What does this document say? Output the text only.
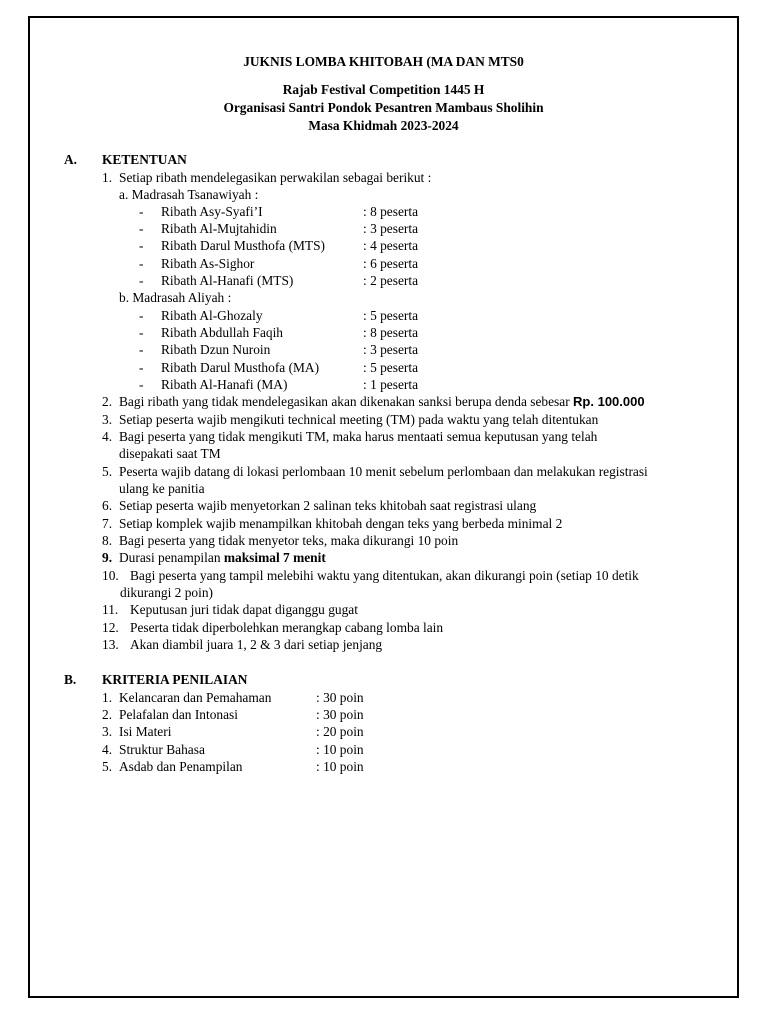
JUKNIS LOMBA KHITOBAH (MA DAN MTS0
Rajab Festival Competition 1445 H
Organisasi Santri Pondok Pesantren Mambaus Sholihin
Masa Khidmah 2023-2024
A. KETENTUAN
1. Setiap ribath mendelegasikan perwakilan sebagai berikut :
a. Madrasah Tsanawiyah :
- Ribath Asy-Syafi’I	: 8 peserta
- Ribath Al-Mujtahidin	: 3 peserta
- Ribath Darul Musthofa (MTS)	: 4 peserta
- Ribath As-Sighor	: 6 peserta
- Ribath Al-Hanafi (MTS)	: 2 peserta
b. Madrasah Aliyah :
- Ribath Al-Ghozaly	: 5 peserta
- Ribath Abdullah Faqih	: 8 peserta
- Ribath Dzun Nuroin	: 3 peserta
- Ribath Darul Musthofa (MA)	: 5 peserta
- Ribath Al-Hanafi (MA)	: 1 peserta
2. Bagi ribath yang tidak mendelegasikan akan dikenakan sanksi berupa denda sebesar Rp. 100.000
3. Setiap peserta wajib mengikuti technical meeting (TM) pada waktu yang telah ditentukan
4. Bagi peserta yang tidak mengikuti TM, maka harus mentaati semua keputusan yang telah
disepakati saat TM
5. Peserta wajib datang di lokasi perlombaan 10 menit sebelum perlombaan dan melakukan registrasi
ulang ke panitia
6. Setiap peserta wajib menyetorkan 2 salinan teks khitobah saat registrasi ulang
7. Setiap komplek wajib menampilkan khitobah dengan teks yang berbeda minimal 2
8. Bagi peserta yang tidak menyetor teks, maka dikurangi 10 poin
9. Durasi penampilan maksimal 7 menit
10. Bagi peserta yang tampil melebihi waktu yang ditentukan, akan dikurangi poin (setiap 10 detik
dikurangi 2 poin)
11. Keputusan juri tidak dapat diganggu gugat
12. Peserta tidak diperbolehkan merangkap cabang lomba lain
13. Akan diambil juara 1, 2 & 3 dari setiap jenjang
B. KRITERIA PENILAIAN
1. Kelancaran dan Pemahaman	: 30 poin
2. Pelafalan dan Intonasi	: 30 poin
3. Isi Materi	: 20 poin
4. Struktur Bahasa	: 10 poin
5. Asdab dan Penampilan	: 10 poin
